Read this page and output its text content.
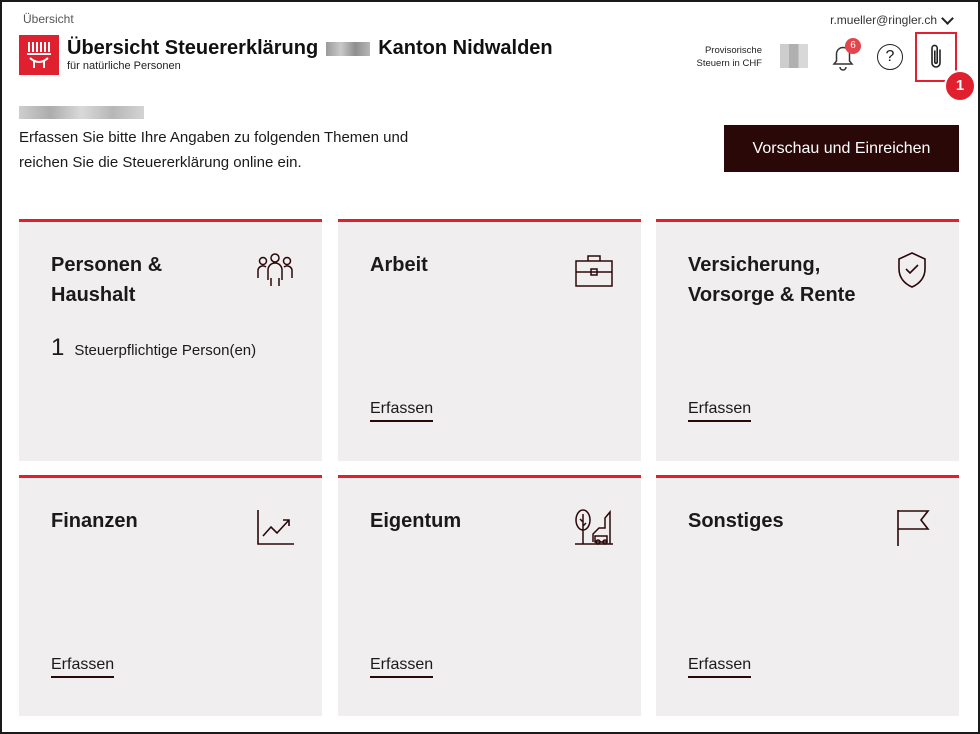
Übersicht	r.mueller@ringler.ch
Übersicht Steuererklärung	Kanton Nidwalden
für natürliche Personen
Provisorische
Steuern in CHF
6
?
1
Erfassen Sie bitte Ihre Angaben zu folgenden Themen und reichen Sie die Steuererklärung online ein.
Vorschau und Einreichen
Personen & Haushalt
1 Steuerpflichtige Person(en)
Arbeit
Erfassen
Versicherung, Vorsorge & Rente
Erfassen
Finanzen
Erfassen
Eigentum
Erfassen
Sonstiges
Erfassen
